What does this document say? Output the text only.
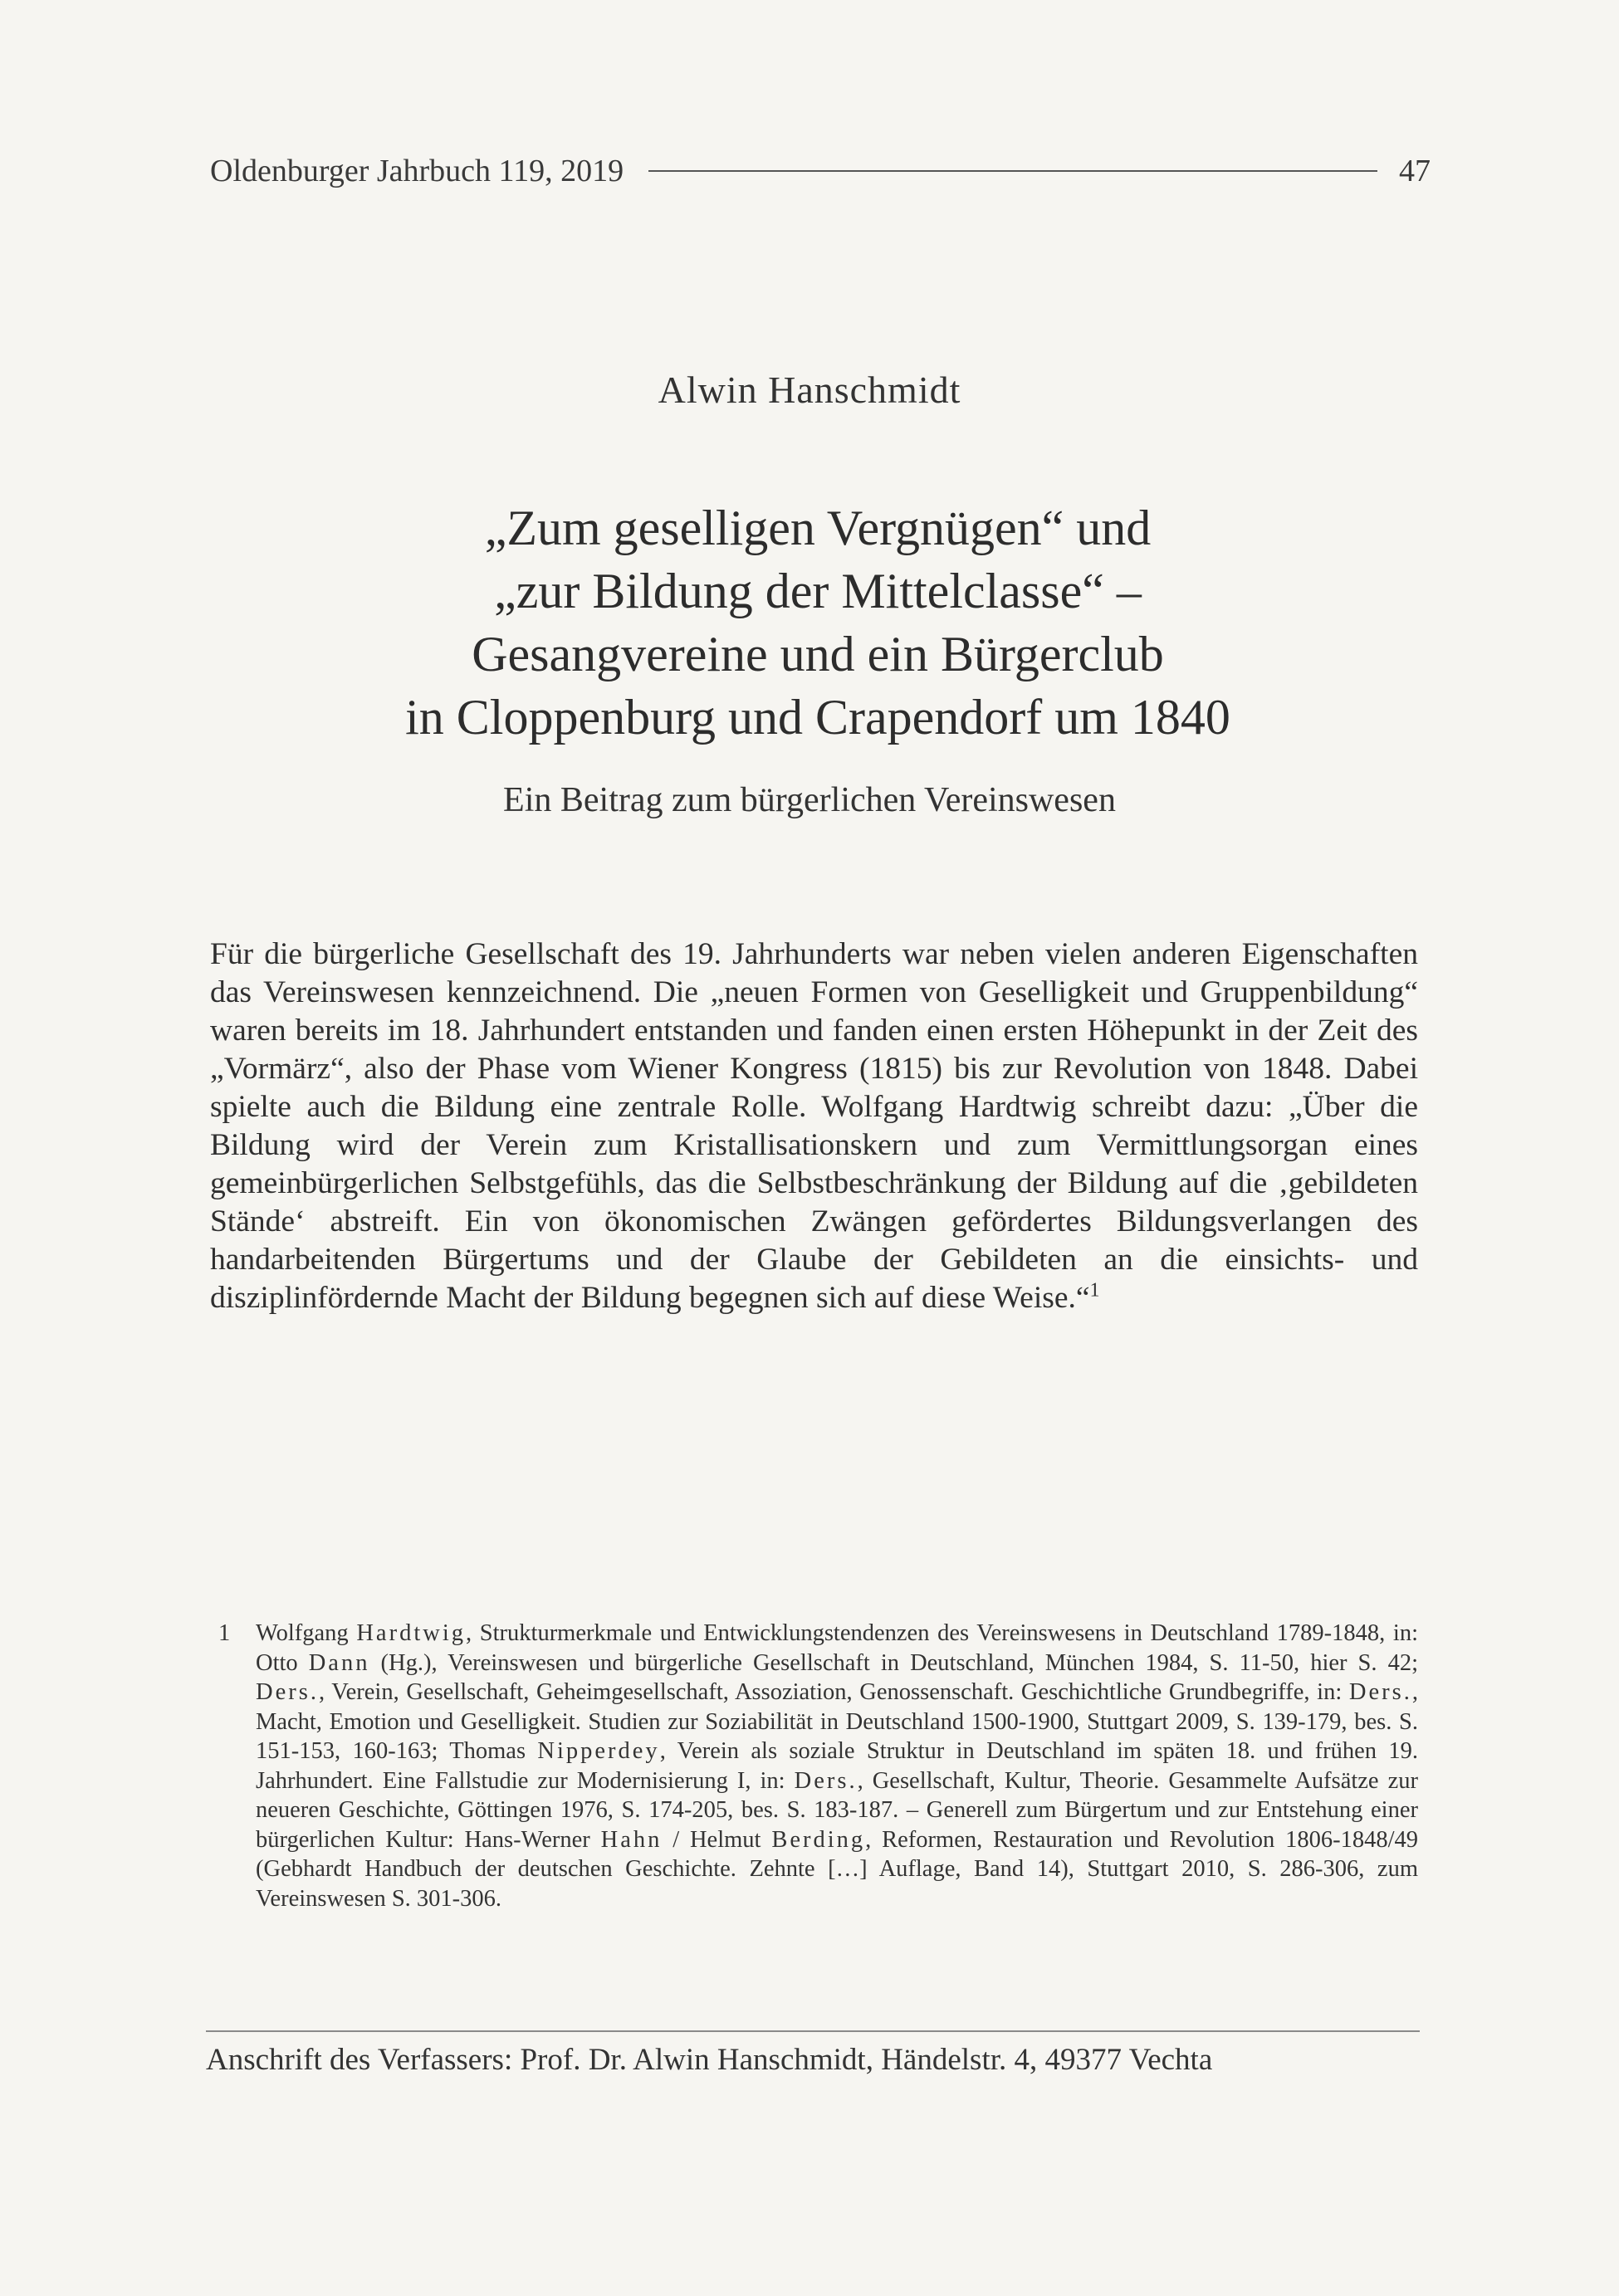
Oldenburger Jahrbuch 119, 2019	47
Alwin Hanschmidt
„Zum geselligen Vergnügen“ und
„zur Bildung der Mittelclasse“ –
Gesangvereine und ein Bürgerclub
in Cloppenburg und Crapendorf um 1840
Ein Beitrag zum bürgerlichen Vereinswesen
Für die bürgerliche Gesellschaft des 19. Jahrhunderts war neben vielen anderen Eigenschaften das Vereinswesen kennzeichnend. Die „neuen Formen von Geselligkeit und Gruppenbildung“ waren bereits im 18. Jahrhundert entstanden und fanden einen ersten Höhepunkt in der Zeit des „Vormärz“, also der Phase vom Wiener Kongress (1815) bis zur Revolution von 1848. Dabei spielte auch die Bildung eine zentrale Rolle. Wolfgang Hardtwig schreibt dazu: „Über die Bildung wird der Verein zum Kristallisationskern und zum Vermittlungsorgan eines gemeinbürgerlichen Selbstgefühls, das die Selbstbeschränkung der Bildung auf die ‚gebildeten Stände‘ abstreift. Ein von ökonomischen Zwängen gefördertes Bildungsverlangen des handarbeitenden Bürgertums und der Glaube der Gebildeten an die einsichts- und disziplinfördernde Macht der Bildung begegnen sich auf diese Weise.“$^1$
1	Wolfgang Hardtwig, Strukturmerkmale und Entwicklungstendenzen des Vereinswesens in Deutschland 1789-1848, in: Otto Dann (Hg.), Vereinswesen und bürgerliche Gesellschaft in Deutschland, München 1984, S. 11-50, hier S. 42; Ders., Verein, Gesellschaft, Geheimgesellschaft, Assoziation, Genossenschaft. Geschichtliche Grundbegriffe, in: Ders., Macht, Emotion und Geselligkeit. Studien zur Soziabilität in Deutschland 1500-1900, Stuttgart 2009, S. 139-179, bes. S. 151-153, 160-163; Thomas Nipperdey, Verein als soziale Struktur in Deutschland im späten 18. und frühen 19. Jahrhundert. Eine Fallstudie zur Modernisierung I, in: Ders., Gesellschaft, Kultur, Theorie. Gesammelte Aufsätze zur neueren Geschichte, Göttingen 1976, S. 174-205, bes. S. 183-187. – Generell zum Bürgertum und zur Entstehung einer bürgerlichen Kultur: Hans-Werner Hahn / Helmut Berding, Reformen, Restauration und Revolution 1806-1848/49 (Gebhardt Handbuch der deutschen Geschichte. Zehnte […] Auflage, Band 14), Stuttgart 2010, S. 286-306, zum Vereinswesen S. 301-306.
Anschrift des Verfassers: Prof. Dr. Alwin Hanschmidt, Händelstr. 4, 49377 Vechta
